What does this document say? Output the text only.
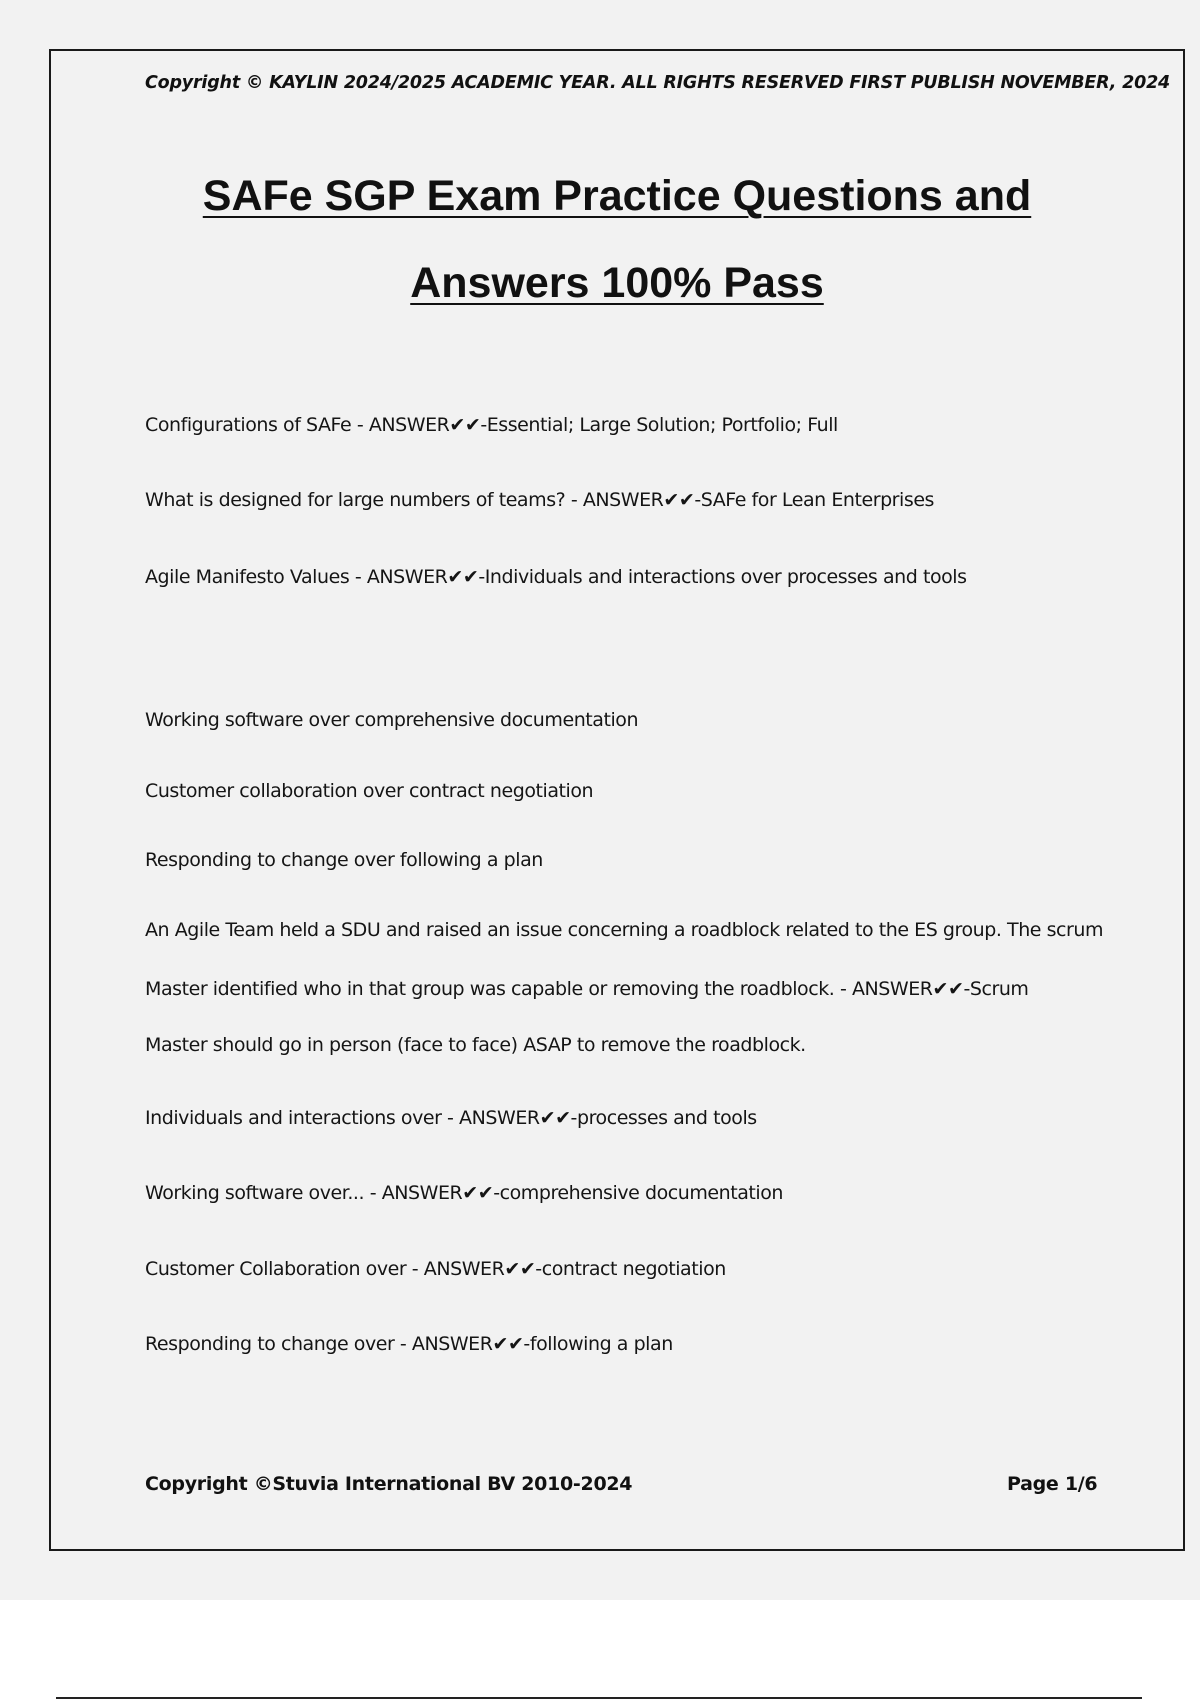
Copyright © KAYLIN 2024/2025 ACADEMIC YEAR. ALL RIGHTS RESERVED FIRST PUBLISH NOVEMBER, 2024
SAFe SGP Exam Practice Questions and
Answers 100% Pass
Configurations of SAFe - ANSWER✔✔-Essential; Large Solution; Portfolio; Full
What is designed for large numbers of teams? - ANSWER✔✔-SAFe for Lean Enterprises
Agile Manifesto Values - ANSWER✔✔-Individuals and interactions over processes and tools
Working software over comprehensive documentation
Customer collaboration over contract negotiation
Responding to change over following a plan
An Agile Team held a SDU and raised an issue concerning a roadblock related to the ES group. The scrum
Master identified who in that group was capable or removing the roadblock. - ANSWER✔✔-Scrum
Master should go in person (face to face) ASAP to remove the roadblock.
Individuals and interactions over - ANSWER✔✔-processes and tools
Working software over... - ANSWER✔✔-comprehensive documentation
Customer Collaboration over - ANSWER✔✔-contract negotiation
Responding to change over - ANSWER✔✔-following a plan
Copyright ©Stuvia International BV 2010-2024	Page 1/6
